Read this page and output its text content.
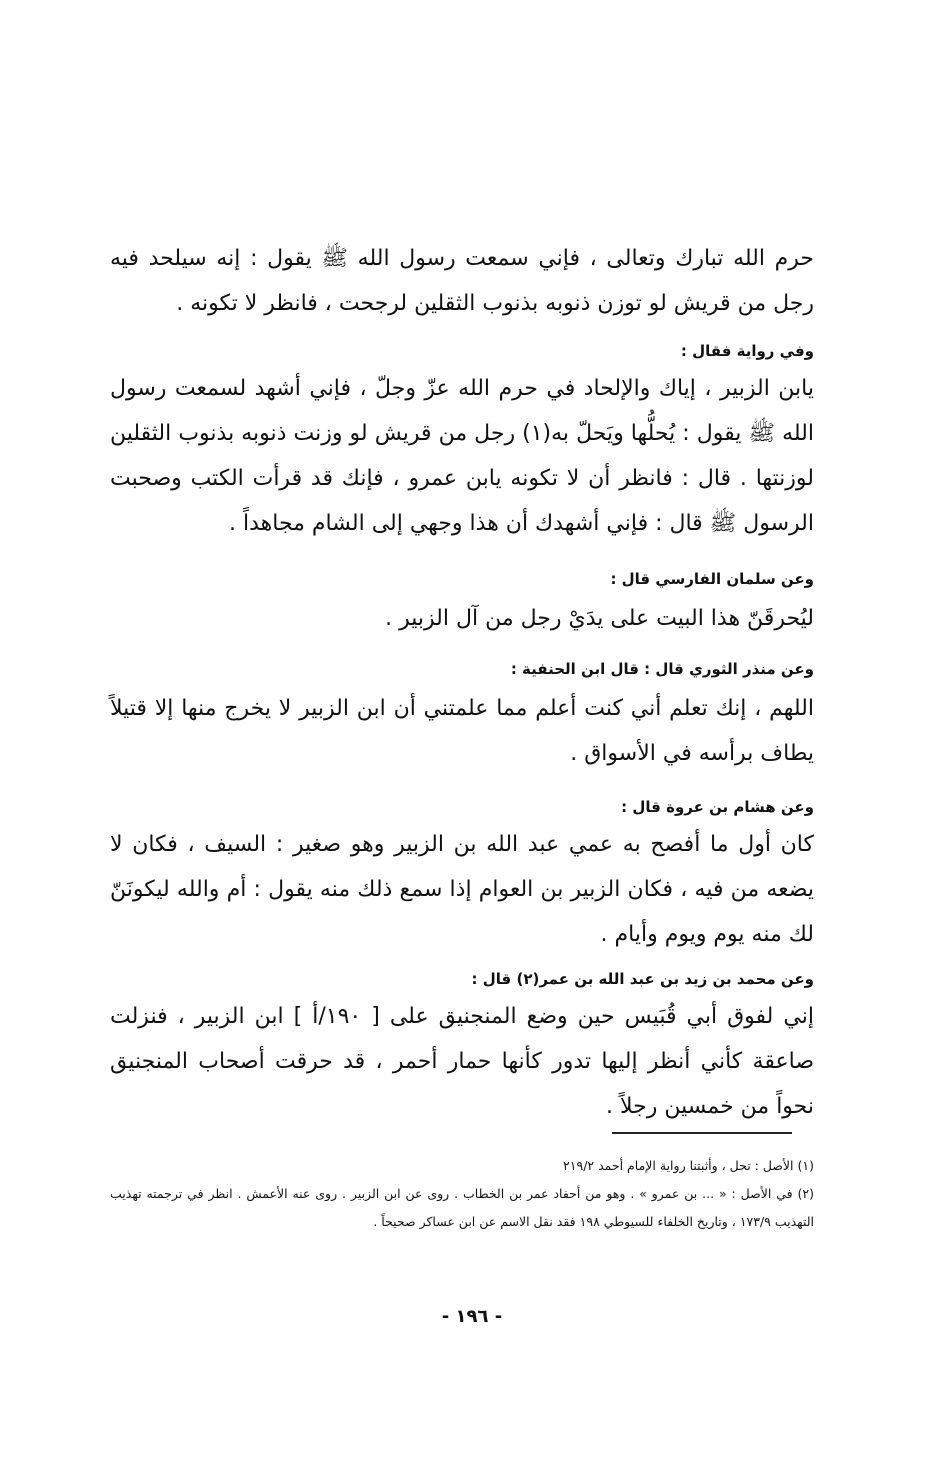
حرم الله تبارك وتعالى ، فإني سمعت رسول الله ﷺ يقول : إنه سيلحد فيه رجل من قريش لو توزن ذنوبه بذنوب الثقلين لرجحت ، فانظر لا تكونه .

وفي رواية فقال :

يابن الزبير ، إياك والإلحاد في حرم الله عزّ وجلّ ، فإني أشهد لسمعت رسول الله ﷺ يقول : يُحلُّها ويَحلّ به(١) رجل من قريش لو وزنت ذنوبه بذنوب الثقلين لوزنتها . قال : فانظر أن لا تكونه يابن عمرو ، فإنك قد قرأت الكتب وصحبت الرسول ﷺ قال : فإني أشهدك أن هذا وجهي إلى الشام مجاهداً .

وعن سلمان الفارسي قال :

ليُحرقَنّ هذا البيت على يدَيْ رجل من آل الزبير .

وعن منذر الثوري قال : قال ابن الحنفية :

اللهم ، إنك تعلم أني كنت أعلم مما علمتني أن ابن الزبير لا يخرج منها إلا قتيلاً يطاف برأسه في الأسواق .

وعن هشام بن عروة قال :

كان أول ما أفصح به عمي عبد الله بن الزبير وهو صغير : السيف ، فكان لا يضعه من فيه ، فكان الزبير بن العوام إذا سمع ذلك منه يقول : أم والله ليكونَنّ لك منه يوم ويوم وأيام .

وعن محمد بن زيد بن عبد الله بن عمر(٢) قال :

إني لفوق أبي قُبَيس حين وضع المنجنيق على [ ١٩٠/أ ] ابن الزبير ، فنزلت صاعقة كأني أنظر إليها تدور كأنها حمار أحمر ، قد حرقت أصحاب المنجنيق نحواً من خمسين رجلاً .

(١) الأصل : تحل ، وأثبتنا رواية الإمام أحمد ٢١٩/٢

(٢) في الأصل : « ... بن عمرو » . وهو من أحفاد عمر بن الخطاب . روى عن ابن الزبير . روى عنه الأعمش . انظر في ترجمته تهذيب التهذيب ١٧٣/٩ ، وتاريخ الخلفاء للسيوطي ١٩٨ فقد نقل الاسم عن ابن عساكر صحيحاً .

- ١٩٦ -
